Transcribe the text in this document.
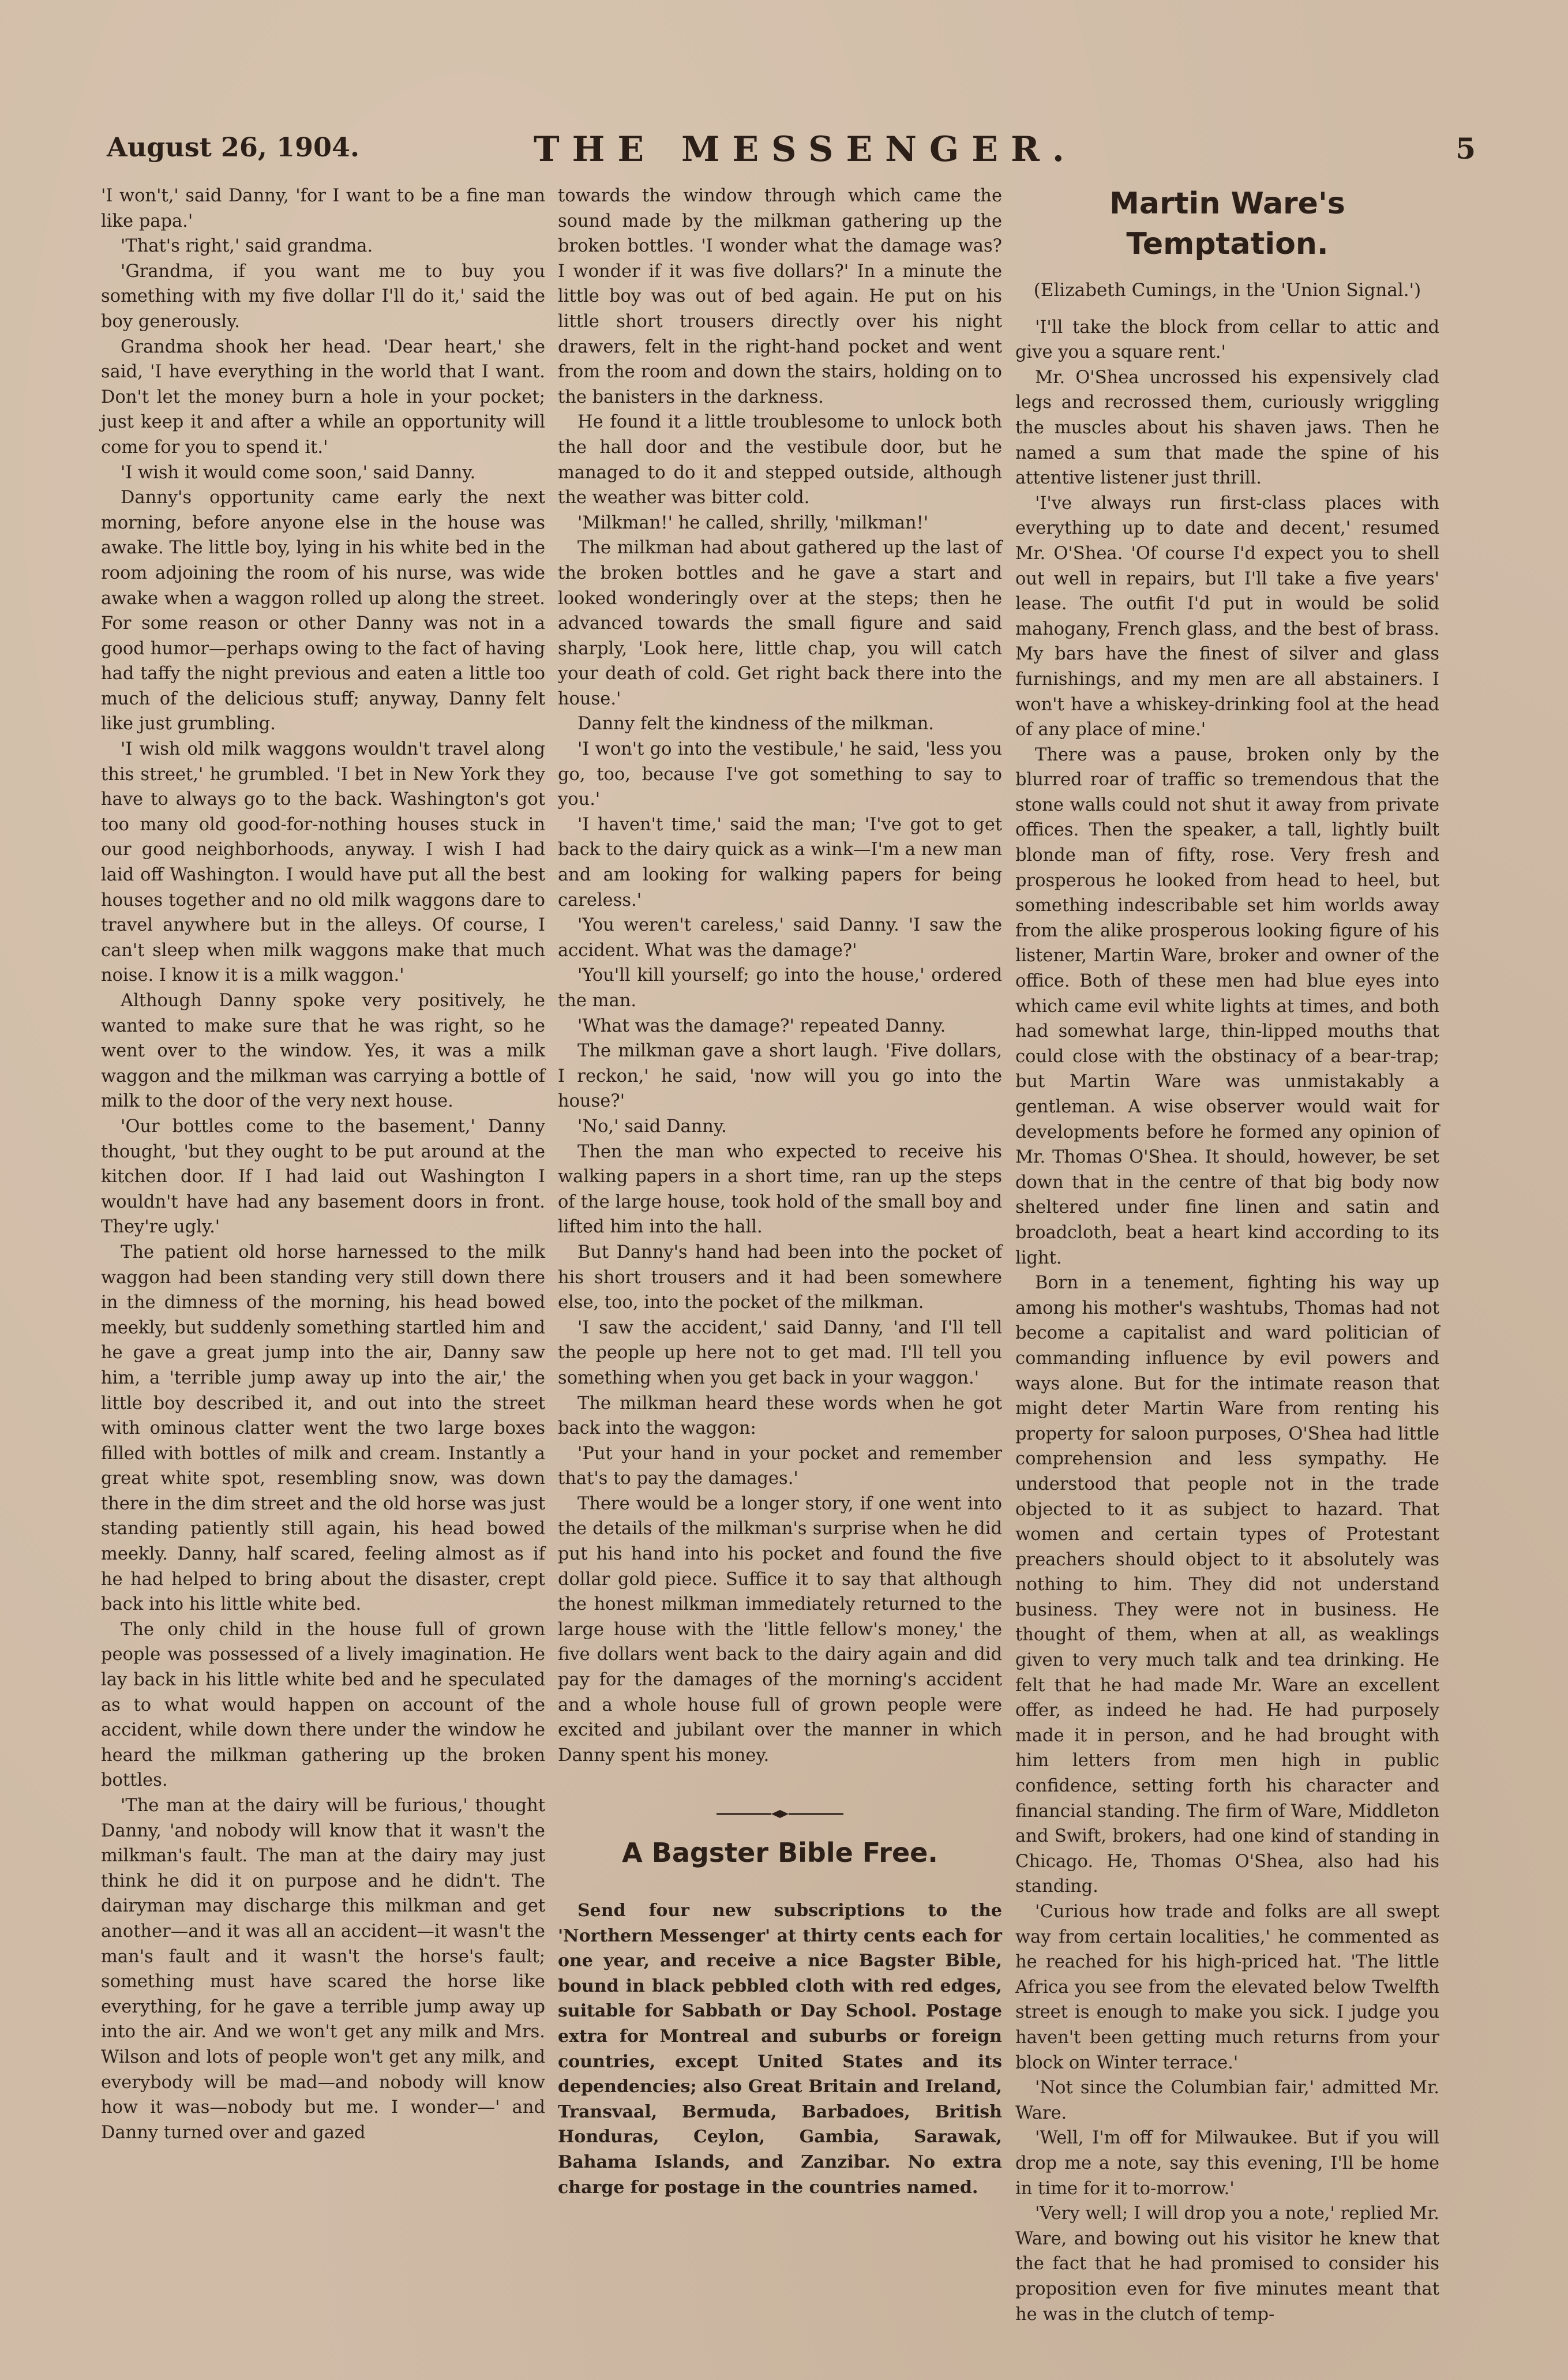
August 26, 1904.	THE MESSENGER.	5

'I won't,' said Danny, 'for I want to be a fine man like papa.'

'That's right,' said grandma.

'Grandma, if you want me to buy you something with my five dollar I'll do it,' said the boy generously.

Grandma shook her head. 'Dear heart,' she said, 'I have everything in the world that I want. Don't let the money burn a hole in your pocket; just keep it and after a while an opportunity will come for you to spend it.'

'I wish it would come soon,' said Danny.

Danny's opportunity came early the next morning, before anyone else in the house was awake. The little boy, lying in his white bed in the room adjoining the room of his nurse, was wide awake when a waggon rolled up along the street. For some reason or other Danny was not in a good humor—perhaps owing to the fact of having had taffy the night previous and eaten a little too much of the delicious stuff; anyway, Danny felt like just grumbling.

'I wish old milk waggons wouldn't travel along this street,' he grumbled. 'I bet in New York they have to always go to the back. Washington's got too many old good-for-nothing houses stuck in our good neighborhoods, anyway. I wish I had laid off Washington. I would have put all the best houses together and no old milk waggons dare to travel anywhere but in the alleys. Of course, I can't sleep when milk waggons make that much noise. I know it is a milk waggon.'

Although Danny spoke very positively, he wanted to make sure that he was right, so he went over to the window. Yes, it was a milk waggon and the milkman was carrying a bottle of milk to the door of the very next house.

'Our bottles come to the basement,' Danny thought, 'but they ought to be put around at the kitchen door. If I had laid out Washington I wouldn't have had any basement doors in front. They're ugly.'

The patient old horse harnessed to the milk waggon had been standing very still down there in the dimness of the morning, his head bowed meekly, but suddenly something startled him and he gave a great jump into the air, Danny saw him, a 'terrible jump away up into the air,' the little boy described it, and out into the street with ominous clatter went the two large boxes filled with bottles of milk and cream. Instantly a great white spot, resembling snow, was down there in the dim street and the old horse was just standing patiently still again, his head bowed meekly. Danny, half scared, feeling almost as if he had helped to bring about the disaster, crept back into his little white bed.

The only child in the house full of grown people was possessed of a lively imagination. He lay back in his little white bed and he speculated as to what would happen on account of the accident, while down there under the window he heard the milkman gathering up the broken bottles.

'The man at the dairy will be furious,' thought Danny, 'and nobody will know that it wasn't the milkman's fault. The man at the dairy may just think he did it on purpose and he didn't. The dairyman may discharge this milkman and get another—and it was all an accident—it wasn't the man's fault and it wasn't the horse's fault; something must have scared the horse like everything, for he gave a terrible jump away up into the air. And we won't get any milk and Mrs. Wilson and lots of people won't get any milk, and everybody will be mad—and nobody will know how it was—nobody but me. I wonder—' and Danny turned over and gazed

towards the window through which came the sound made by the milkman gathering up the broken bottles. 'I wonder what the damage was? I wonder if it was five dollars?' In a minute the little boy was out of bed again. He put on his little short trousers directly over his night drawers, felt in the right-hand pocket and went from the room and down the stairs, holding on to the banisters in the darkness.

He found it a little troublesome to unlock both the hall door and the vestibule door, but he managed to do it and stepped outside, although the weather was bitter cold.

'Milkman!' he called, shrilly, 'milkman!'

The milkman had about gathered up the last of the broken bottles and he gave a start and looked wonderingly over at the steps; then he advanced towards the small figure and said sharply, 'Look here, little chap, you will catch your death of cold. Get right back there into the house.'

Danny felt the kindness of the milkman.

'I won't go into the vestibule,' he said, 'less you go, too, because I've got something to say to you.'

'I haven't time,' said the man; 'I've got to get back to the dairy quick as a wink—I'm a new man and am looking for walking papers for being careless.'

'You weren't careless,' said Danny. 'I saw the accident. What was the damage?'

'You'll kill yourself; go into the house,' ordered the man.

'What was the damage?' repeated Danny.

The milkman gave a short laugh. 'Five dollars, I reckon,' he said, 'now will you go into the house?'

'No,' said Danny.

Then the man who expected to receive his walking papers in a short time, ran up the steps of the large house, took hold of the small boy and lifted him into the hall.

But Danny's hand had been into the pocket of his short trousers and it had been somewhere else, too, into the pocket of the milkman.

'I saw the accident,' said Danny, 'and I'll tell the people up here not to get mad. I'll tell you something when you get back in your waggon.'

The milkman heard these words when he got back into the waggon:

'Put your hand in your pocket and remember that's to pay the damages.'

There would be a longer story, if one went into the details of the milkman's surprise when he did put his hand into his pocket and found the five dollar gold piece. Suffice it to say that although the honest milkman immediately returned to the large house with the 'little fellow's money,' the five dollars went back to the dairy again and did pay for the damages of the morning's accident and a whole house full of grown people were excited and jubilant over the manner in which Danny spent his money.

A Bagster Bible Free.

Send four new subscriptions to the 'Northern Messenger' at thirty cents each for one year, and receive a nice Bagster Bible, bound in black pebbled cloth with red edges, suitable for Sabbath or Day School. Postage extra for Montreal and suburbs or foreign countries, except United States and its dependencies; also Great Britain and Ireland, Transvaal, Bermuda, Barbadoes, British Honduras, Ceylon, Gambia, Sarawak, Bahama Islands, and Zanzibar. No extra charge for postage in the countries named.

Martin Ware's Temptation.
(Elizabeth Cumings, in the 'Union Signal.')

'I'll take the block from cellar to attic and give you a square rent.'

Mr. O'Shea uncrossed his expensively clad legs and recrossed them, curiously wriggling the muscles about his shaven jaws. Then he named a sum that made the spine of his attentive listener just thrill.

'I've always run first-class places with everything up to date and decent,' resumed Mr. O'Shea. 'Of course I'd expect you to shell out well in repairs, but I'll take a five years' lease. The outfit I'd put in would be solid mahogany, French glass, and the best of brass. My bars have the finest of silver and glass furnishings, and my men are all abstainers. I won't have a whiskey-drinking fool at the head of any place of mine.'

There was a pause, broken only by the blurred roar of traffic so tremendous that the stone walls could not shut it away from private offices. Then the speaker, a tall, lightly built blonde man of fifty, rose. Very fresh and prosperous he looked from head to heel, but something indescribable set him worlds away from the alike prosperous looking figure of his listener, Martin Ware, broker and owner of the office. Both of these men had blue eyes into which came evil white lights at times, and both had somewhat large, thin-lipped mouths that could close with the obstinacy of a bear-trap; but Martin Ware was unmistakably a gentleman. A wise observer would wait for developments before he formed any opinion of Mr. Thomas O'Shea. It should, however, be set down that in the centre of that big body now sheltered under fine linen and satin and broadcloth, beat a heart kind according to its light.

Born in a tenement, fighting his way up among his mother's washtubs, Thomas had not become a capitalist and ward politician of commanding influence by evil powers and ways alone. But for the intimate reason that might deter Martin Ware from renting his property for saloon purposes, O'Shea had little comprehension and less sympathy. He understood that people not in the trade objected to it as subject to hazard. That women and certain types of Protestant preachers should object to it absolutely was nothing to him. They did not understand business. They were not in business. He thought of them, when at all, as weaklings given to very much talk and tea drinking. He felt that he had made Mr. Ware an excellent offer, as indeed he had. He had purposely made it in person, and he had brought with him letters from men high in public confidence, setting forth his character and financial standing. The firm of Ware, Middleton and Swift, brokers, had one kind of standing in Chicago. He, Thomas O'Shea, also had his standing.

'Curious how trade and folks are all swept way from certain localities,' he commented as he reached for his high-priced hat. 'The little Africa you see from the elevated below Twelfth street is enough to make you sick. I judge you haven't been getting much returns from your block on Winter terrace.'

'Not since the Columbian fair,' admitted Mr. Ware.

'Well, I'm off for Milwaukee. But if you will drop me a note, say this evening, I'll be home in time for it to-morrow.'

'Very well; I will drop you a note,' replied Mr. Ware, and bowing out his visitor he knew that the fact that he had promised to consider his proposition even for five minutes meant that he was in the clutch of temp-
